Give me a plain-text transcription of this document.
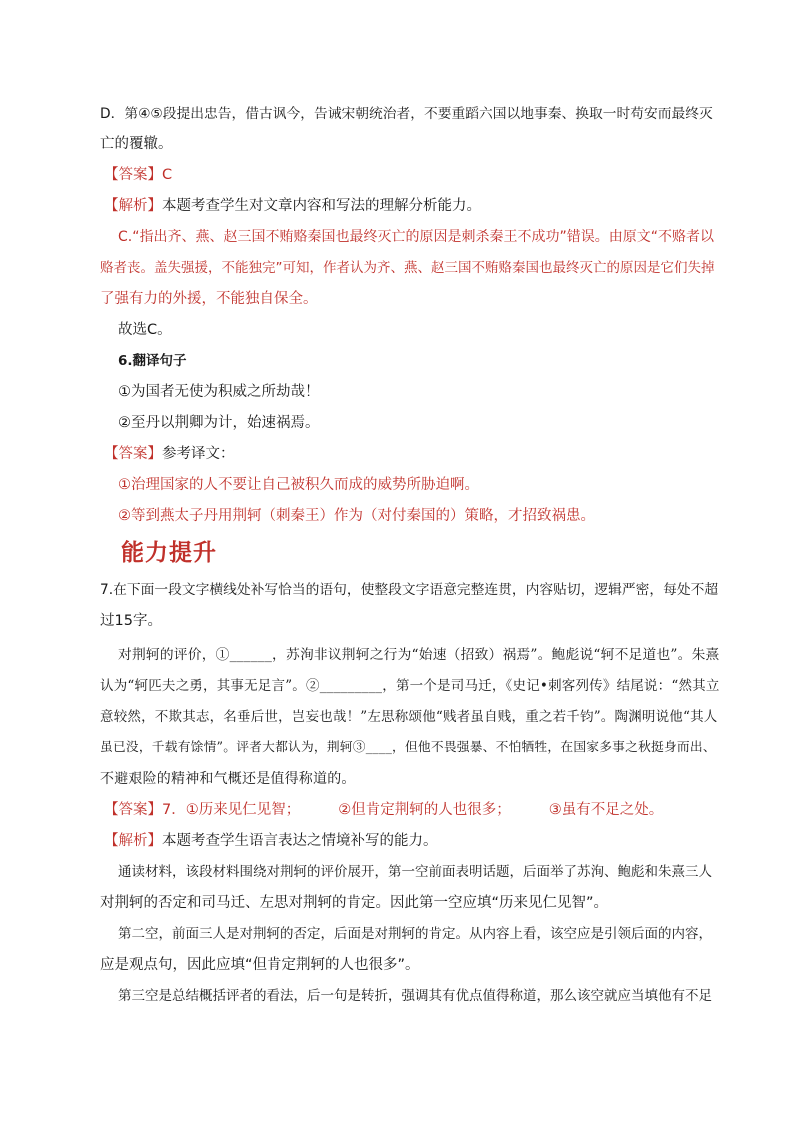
D．第④⑤段提出忠告，借古讽今，告诫宋朝统治者，不要重蹈六国以地事秦、换取一时苟安而最终灭
亡的覆辙。
【答案】C
【解析】本题考查学生对文章内容和写法的理解分析能力。
C.“指出齐、燕、赵三国不贿赂秦国也最终灭亡的原因是刺杀秦王不成功”错误。由原文“不赂者以
赂者丧。盖失强援，不能独完”可知，作者认为齐、燕、赵三国不贿赂秦国也最终灭亡的原因是它们失掉
了强有力的外援，不能独自保全。
故选C。
6.翻译句子
①为国者无使为积威之所劫哉！
②至丹以荆卿为计，始速祸焉。
【答案】参考译文：
①治理国家的人不要让自己被积久而成的威势所胁迫啊。
②等到燕太子丹用荆轲（刺秦王）作为（对付秦国的）策略，才招致祸患。
能力提升
7.在下面一段文字横线处补写恰当的语句，使整段文字语意完整连贯，内容贴切，逻辑严密，每处不超
过15字。
对荆轲的评价，①______，苏洵非议荆轲之行为“始速（招致）祸焉”。鲍彪说“轲不足道也”。朱熹
认为“轲匹夫之勇，其事无足言”。②_________，第一个是司马迁，《史记•刺客列传》结尾说：“然其立
意较然，不欺其志，名垂后世，岂妄也哉！”左思称颂他“贱者虽自贱，重之若千钧”。陶渊明说他“其人
虽已没，千载有馀情”。评者大都认为，荆轲③____，但他不畏强暴、不怕牺牲，在国家多事之秋挺身而出、
不避艰险的精神和气概还是值得称道的。
【答案】7．①历来见仁见智；	②但肯定荆轲的人也很多；	③虽有不足之处。
【解析】本题考查学生语言表达之情境补写的能力。
通读材料，该段材料围绕对荆轲的评价展开，第一空前面表明话题，后面举了苏洵、鲍彪和朱熹三人
对荆轲的否定和司马迁、左思对荆轲的肯定。因此第一空应填“历来见仁见智”。
第二空，前面三人是对荆轲的否定，后面是对荆轲的肯定。从内容上看，该空应是引领后面的内容，
应是观点句，因此应填“但肯定荆轲的人也很多”。
第三空是总结概括评者的看法，后一句是转折，强调其有优点值得称道，那么该空就应当填他有不足
